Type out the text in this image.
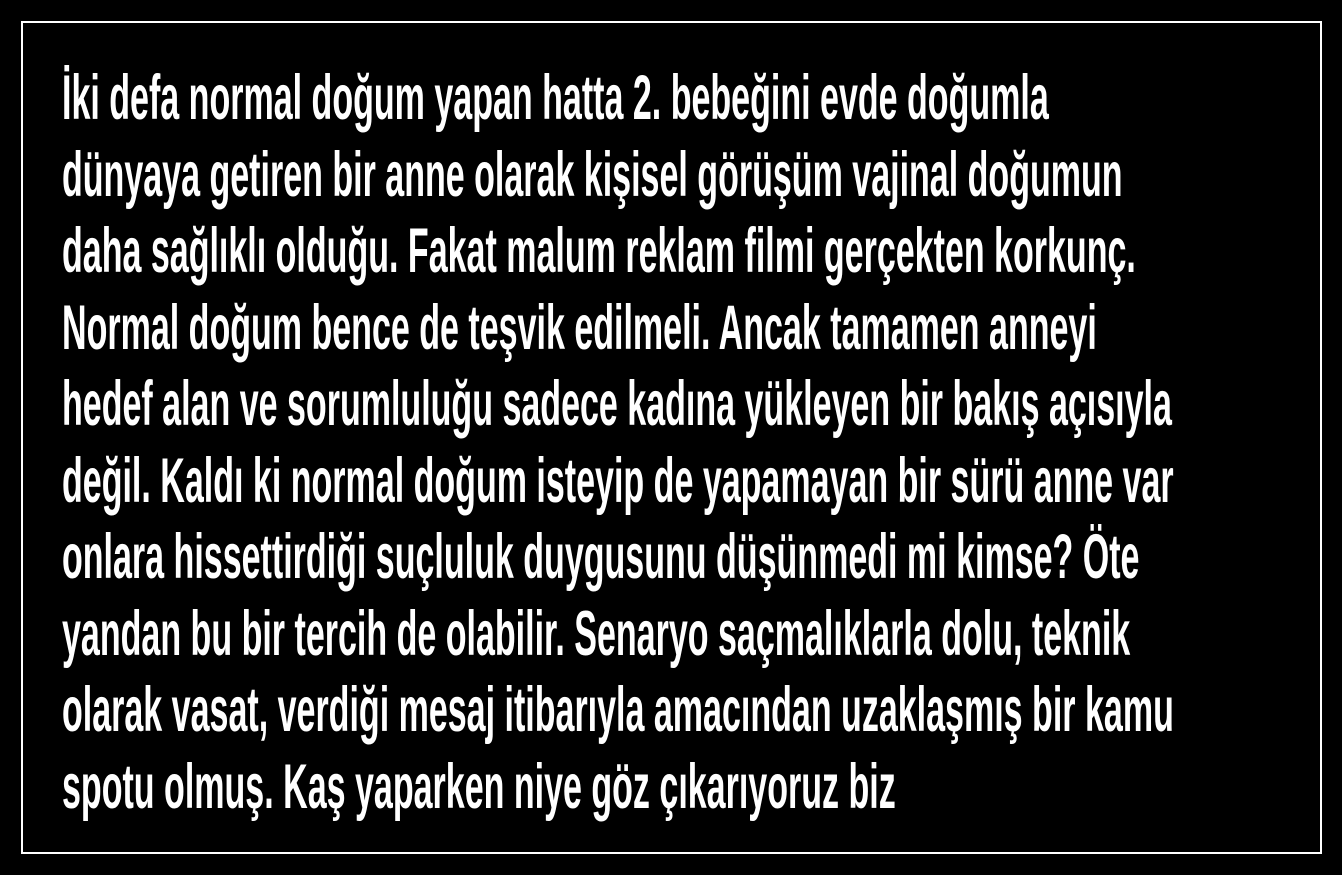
İki defa normal doğum yapan hatta 2. bebeğini evde doğumla
dünyaya getiren bir anne olarak kişisel görüşüm vajinal doğumun
daha sağlıklı olduğu. Fakat malum reklam filmi gerçekten korkunç.
Normal doğum bence de teşvik edilmeli. Ancak tamamen anneyi
hedef alan ve sorumluluğu sadece kadına yükleyen bir bakış açısıyla
değil. Kaldı ki normal doğum isteyip de yapamayan bir sürü anne var
onlara hissettirdiği suçluluk duygusunu düşünmedi mi kimse? Öte
yandan bu bir tercih de olabilir. Senaryo saçmalıklarla dolu, teknik
olarak vasat, verdiği mesaj itibarıyla amacından uzaklaşmış bir kamu
spotu olmuş. Kaş yaparken niye göz çıkarıyoruz biz
